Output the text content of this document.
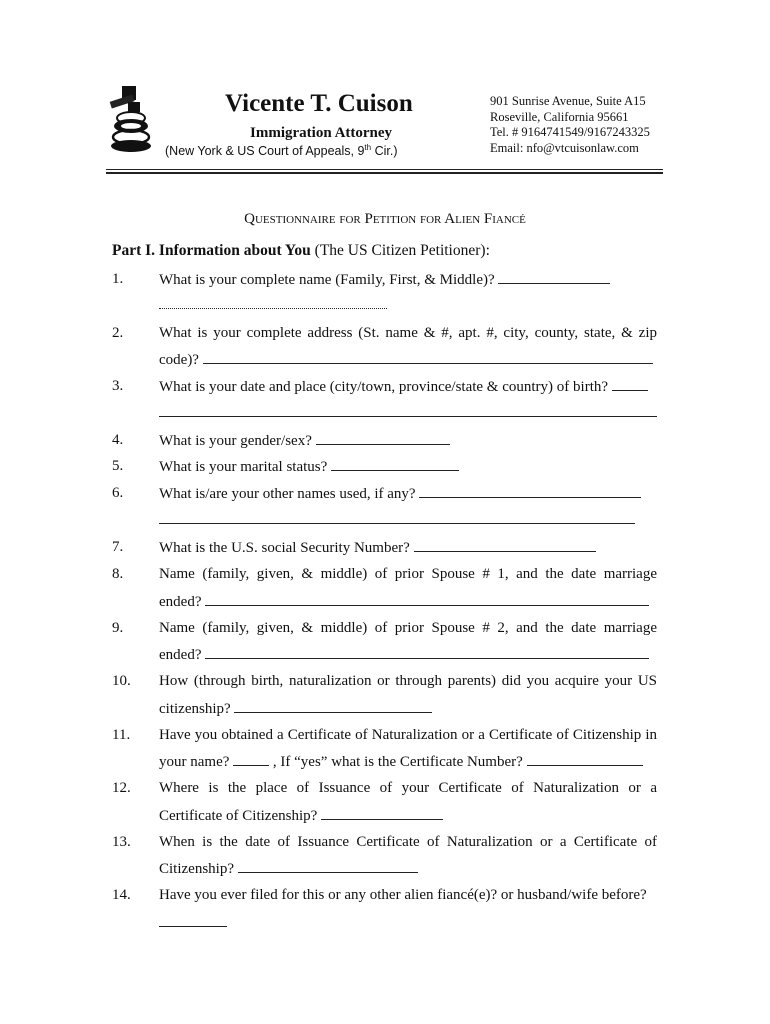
Vicente T. Cuison
Immigration Attorney
(New York & US Court of Appeals, 9th Cir.)
901 Sunrise Avenue, Suite A15
Roseville, California 95661
Tel. # 9164741549/9167243325
Email: nfo@vtcuisonlaw.com
Questionnaire for Petition for Alien Fiancé
Part I. Information about You (The US Citizen Petitioner):
1. What is your complete name (Family, First, & Middle)?
2. What is your complete address (St. name & #, apt. #, city, county, state, & zip
code)?
3. What is your date and place (city/town, province/state & country) of birth?
4. What is your gender/sex?
5. What is your marital status?
6. What is/are your other names used, if any?
7. What is the U.S. social Security Number?
8. Name (family, given, & middle) of prior Spouse # 1, and the date marriage
ended?
9. Name (family, given, & middle) of prior Spouse # 2, and the date marriage
ended?
10. How (through birth, naturalization or through parents) did you acquire your US
citizenship?
11. Have you obtained a Certificate of Naturalization or a Certificate of Citizenship in
your name?	, If “yes” what is the Certificate Number?
12. Where is the place of Issuance of your Certificate of Naturalization or a
Certificate of Citizenship?
13. When is the date of Issuance Certificate of Naturalization or a Certificate of
Citizenship?
14. Have you ever filed for this or any other alien fiancé(e)? or husband/wife before?
